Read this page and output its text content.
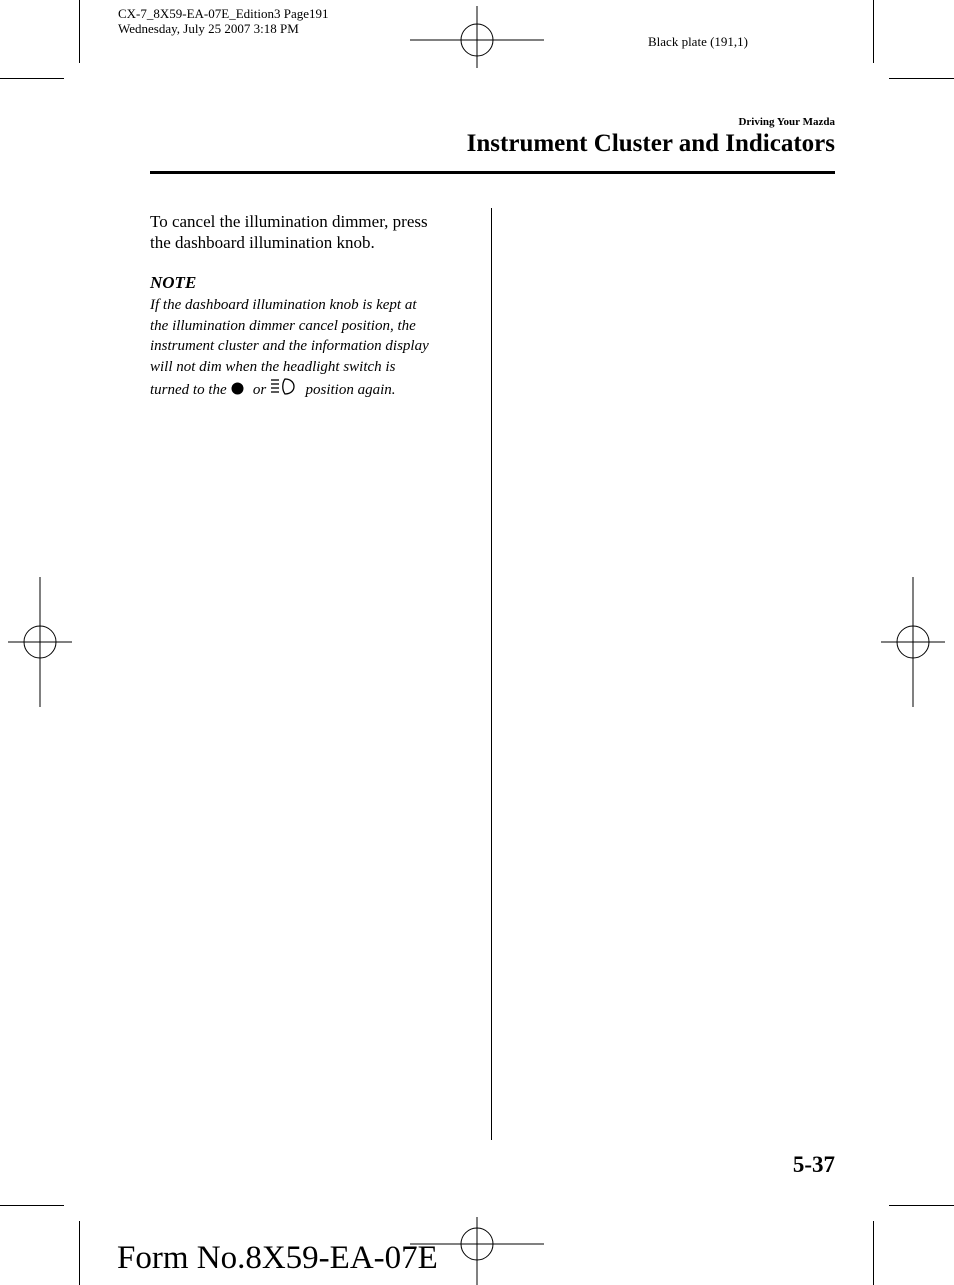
CX-7_8X59-EA-07E_Edition3 Page191
Wednesday, July 25 2007 3:18 PM
Black plate (191,1)
Driving Your Mazda
Instrument Cluster and Indicators
To cancel the illumination dimmer, press
the dashboard illumination knob.
NOTE
If the dashboard illumination knob is kept at
the illumination dimmer cancel position, the
instrument cluster and the information display
will not dim when the headlight switch is
turned to the or	position again.
5-37
Form No.8X59-EA-07E
